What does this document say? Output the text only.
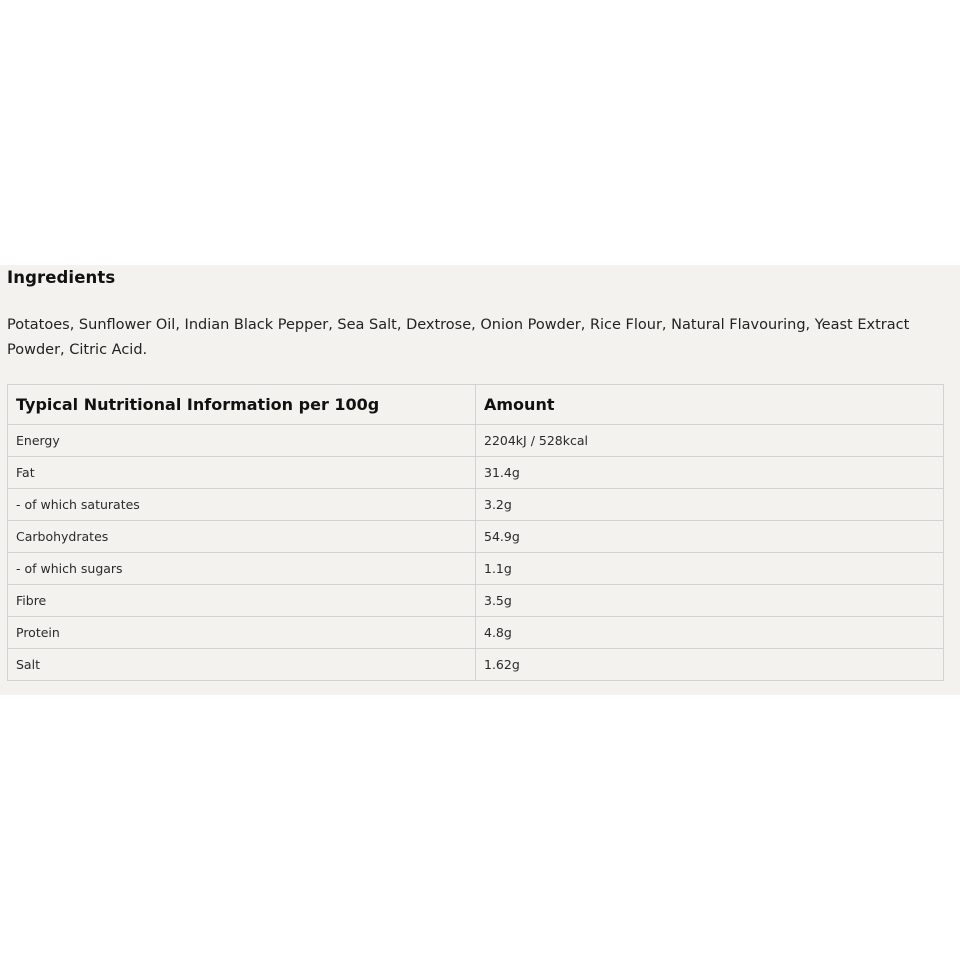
Ingredients
Potatoes, Sunflower Oil, Indian Black Pepper, Sea Salt, Dextrose, Onion Powder, Rice Flour, Natural Flavouring, Yeast Extract Powder, Citric Acid.
Typical Nutritional Information per 100g	Amount
Energy	2204kJ / 528kcal
Fat	31.4g
- of which saturates	3.2g
Carbohydrates	54.9g
- of which sugars	1.1g
Fibre	3.5g
Protein	4.8g
Salt	1.62g
